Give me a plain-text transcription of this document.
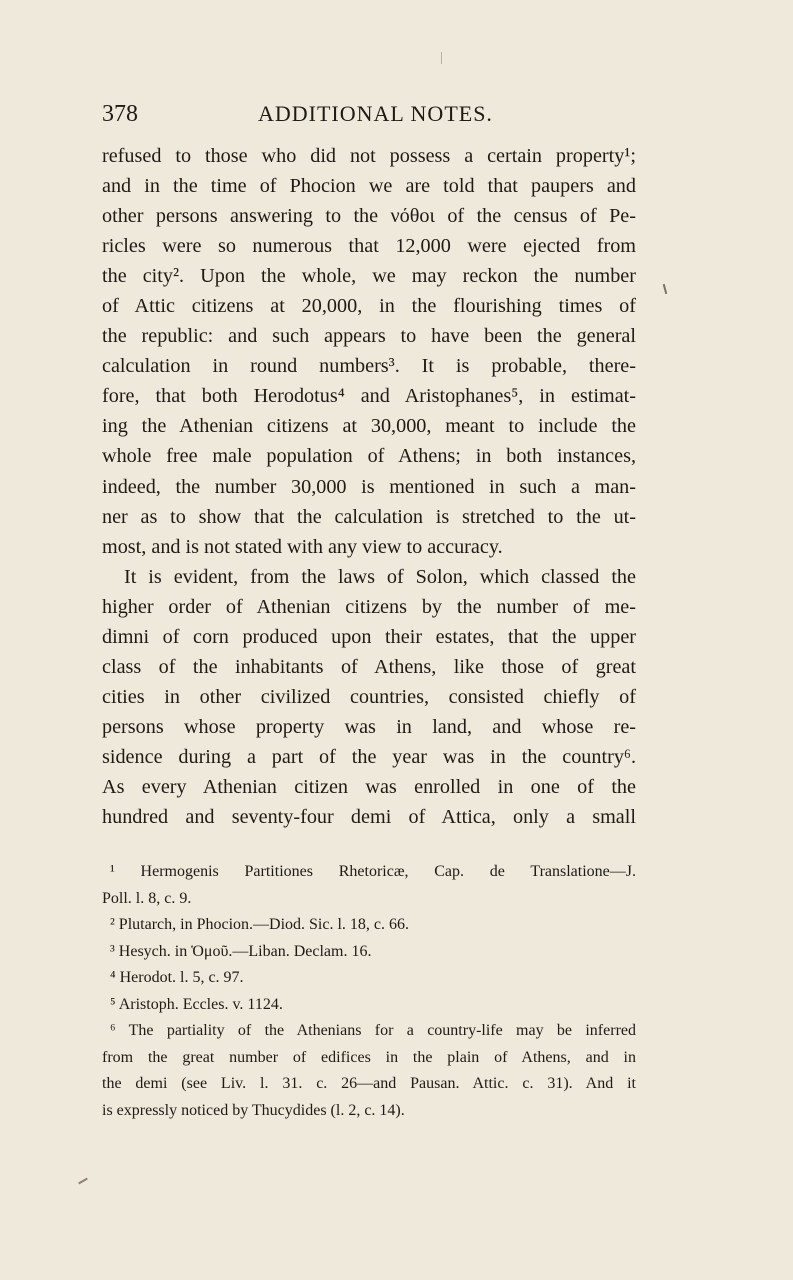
378	ADDITIONAL NOTES.
refused to those who did not possess a certain property¹;
and in the time of Phocion we are told that paupers and
other persons answering to the νόθοι of the census of Pe-
ricles were so numerous that 12,000 were ejected from
the city². Upon the whole, we may reckon the number
of Attic citizens at 20,000, in the flourishing times of
the republic: and such appears to have been the general
calculation in round numbers³. It is probable, there-
fore, that both Herodotus⁴ and Aristophanes⁵, in estimat-
ing the Athenian citizens at 30,000, meant to include the
whole free male population of Athens; in both instances,
indeed, the number 30,000 is mentioned in such a man-
ner as to show that the calculation is stretched to the ut-
most, and is not stated with any view to accuracy.
It is evident, from the laws of Solon, which classed the
higher order of Athenian citizens by the number of me-
dimni of corn produced upon their estates, that the upper
class of the inhabitants of Athens, like those of great
cities in other civilized countries, consisted chiefly of
persons whose property was in land, and whose re-
sidence during a part of the year was in the country⁶.
As every Athenian citizen was enrolled in one of the
hundred and seventy-four demi of Attica, only a small
¹ Hermogenis Partitiones Rhetoricæ, Cap. de Translatione—J.
Poll. l. 8, c. 9.
² Plutarch, in Phocion.—Diod. Sic. l. 18, c. 66.
³ Hesych. in Ὁμοῦ.—Liban. Declam. 16.
⁴ Herodot. l. 5, c. 97.
⁵ Aristoph. Eccles. v. 1124.
⁶ The partiality of the Athenians for a country-life may be inferred
from the great number of edifices in the plain of Athens, and in
the demi (see Liv. l. 31. c. 26—and Pausan. Attic. c. 31). And it
is expressly noticed by Thucydides (l. 2, c. 14).
